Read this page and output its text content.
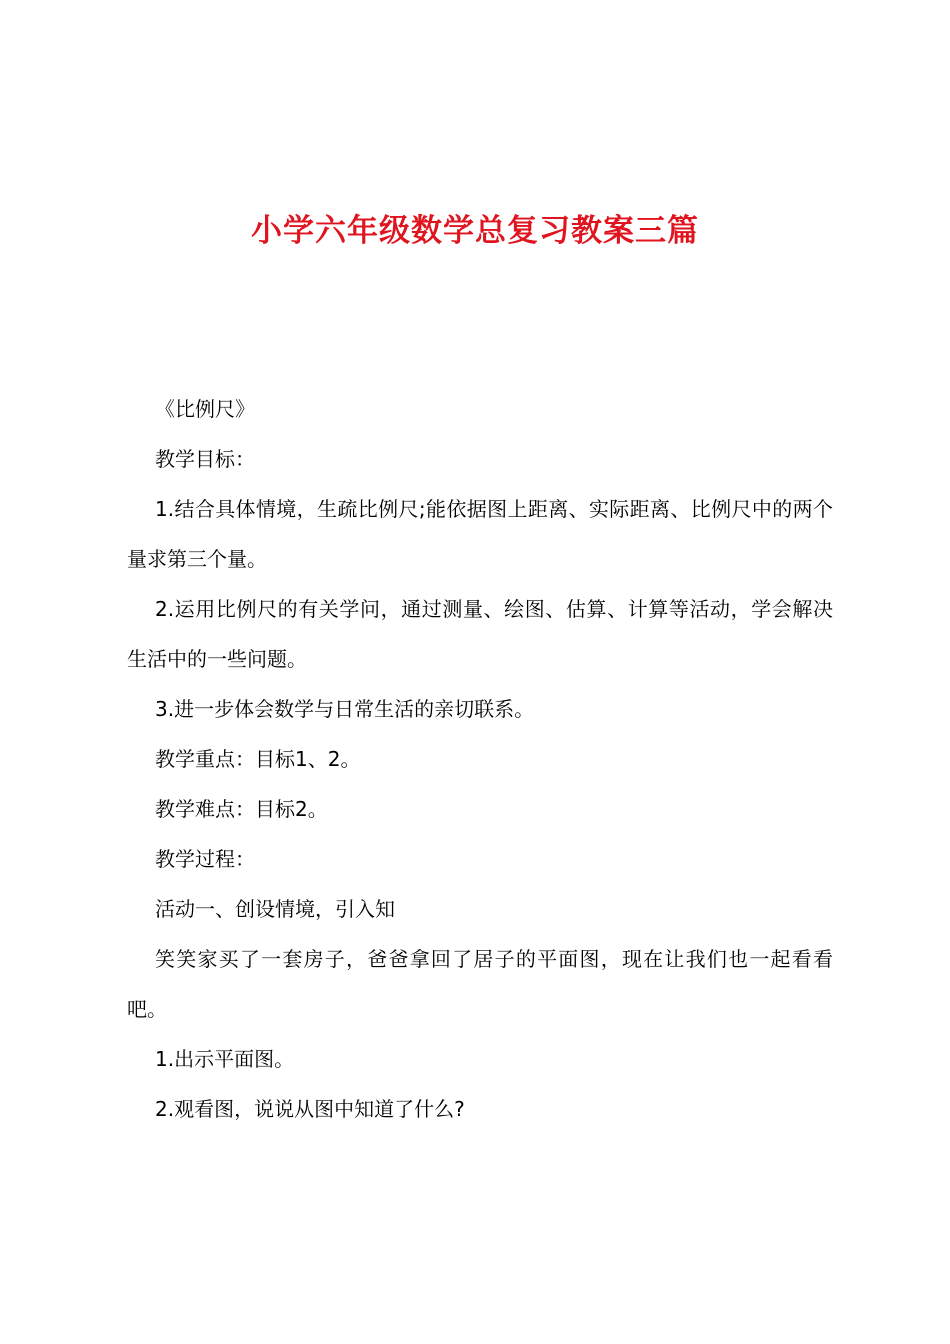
小学六年级数学总复习教案三篇

《比例尺》

教学目标：

1.结合具体情境，生疏比例尺;能依据图上距离、实际距离、比例尺中的两个量求第三个量。

2.运用比例尺的有关学问，通过测量、绘图、估算、计算等活动，学会解决生活中的一些问题。

3.进一步体会数学与日常生活的亲切联系。

教学重点：目标1、2。

教学难点：目标2。

教学过程：

活动一、创设情境，引入知

笑笑家买了一套房子，爸爸拿回了居子的平面图，现在让我们也一起看看吧。

1.出示平面图。

2.观看图，说说从图中知道了什么?
